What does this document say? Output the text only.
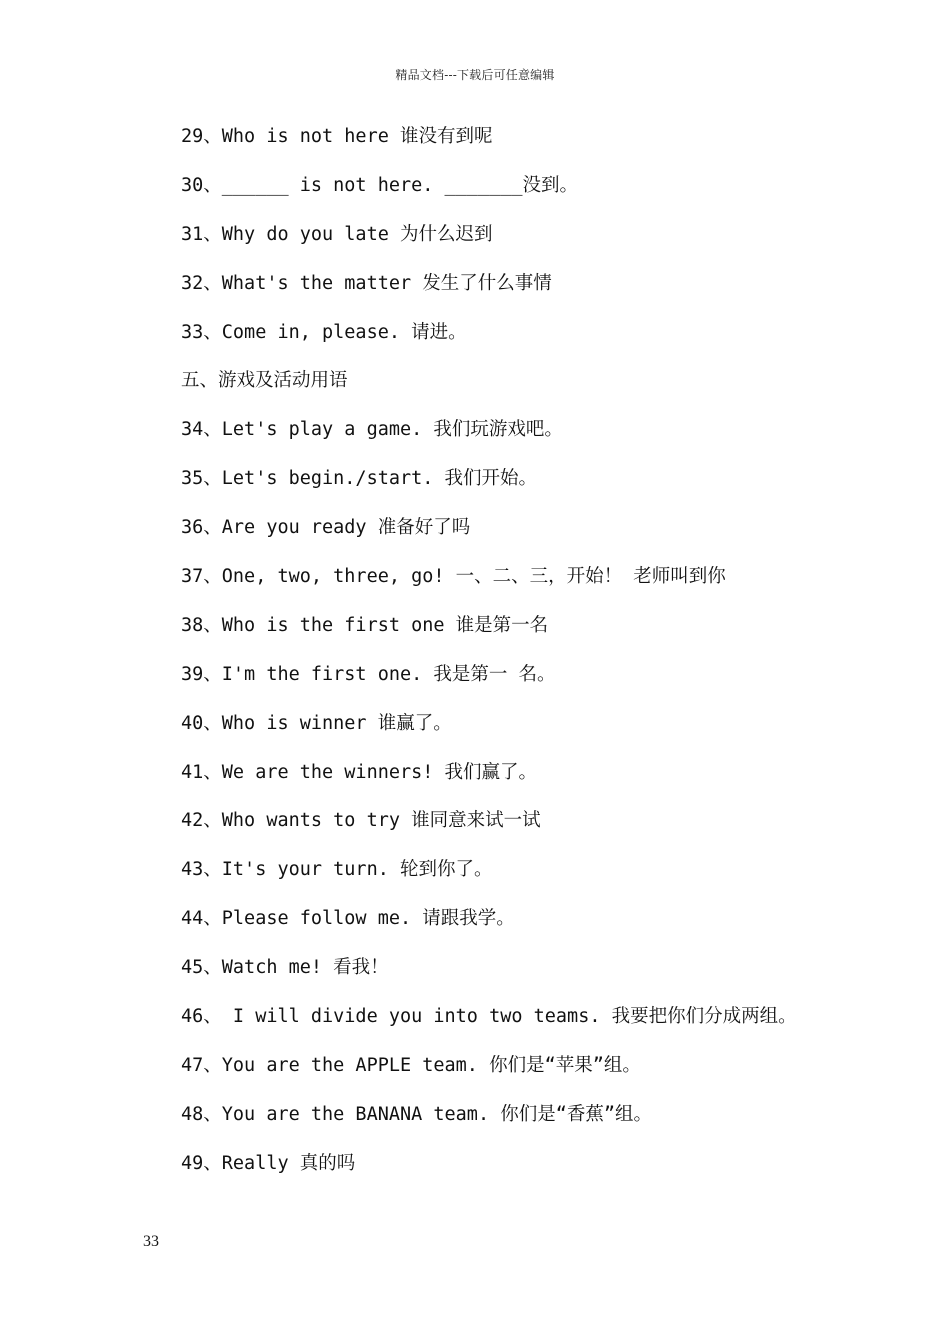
精品文档---下载后可任意编辑
29、Who is not here 谁没有到呢
30、______ is not here. _______没到。
31、Why do you late 为什么迟到
32、What's the matter 发生了什么事情
33、Come in, please. 请进。
五、游戏及活动用语
34、Let's play a game. 我们玩游戏吧。
35、Let's begin./start. 我们开始。
36、Are you ready 准备好了吗
37、One, two, three, go! 一、二、三，开始！ 老师叫到你
38、Who is the first one 谁是第一名
39、I'm the first one. 我是第一 名。
40、Who is winner 谁赢了。
41、We are the winners! 我们赢了。
42、Who wants to try 谁同意来试一试
43、It's your turn. 轮到你了。
44、Please follow me. 请跟我学。
45、Watch me! 看我！
46、 I will divide you into two teams. 我要把你们分成两组。
47、You are the APPLE team. 你们是“苹果”组。
48、You are the BANANA team. 你们是“香蕉”组。
49、Really 真的吗
33
